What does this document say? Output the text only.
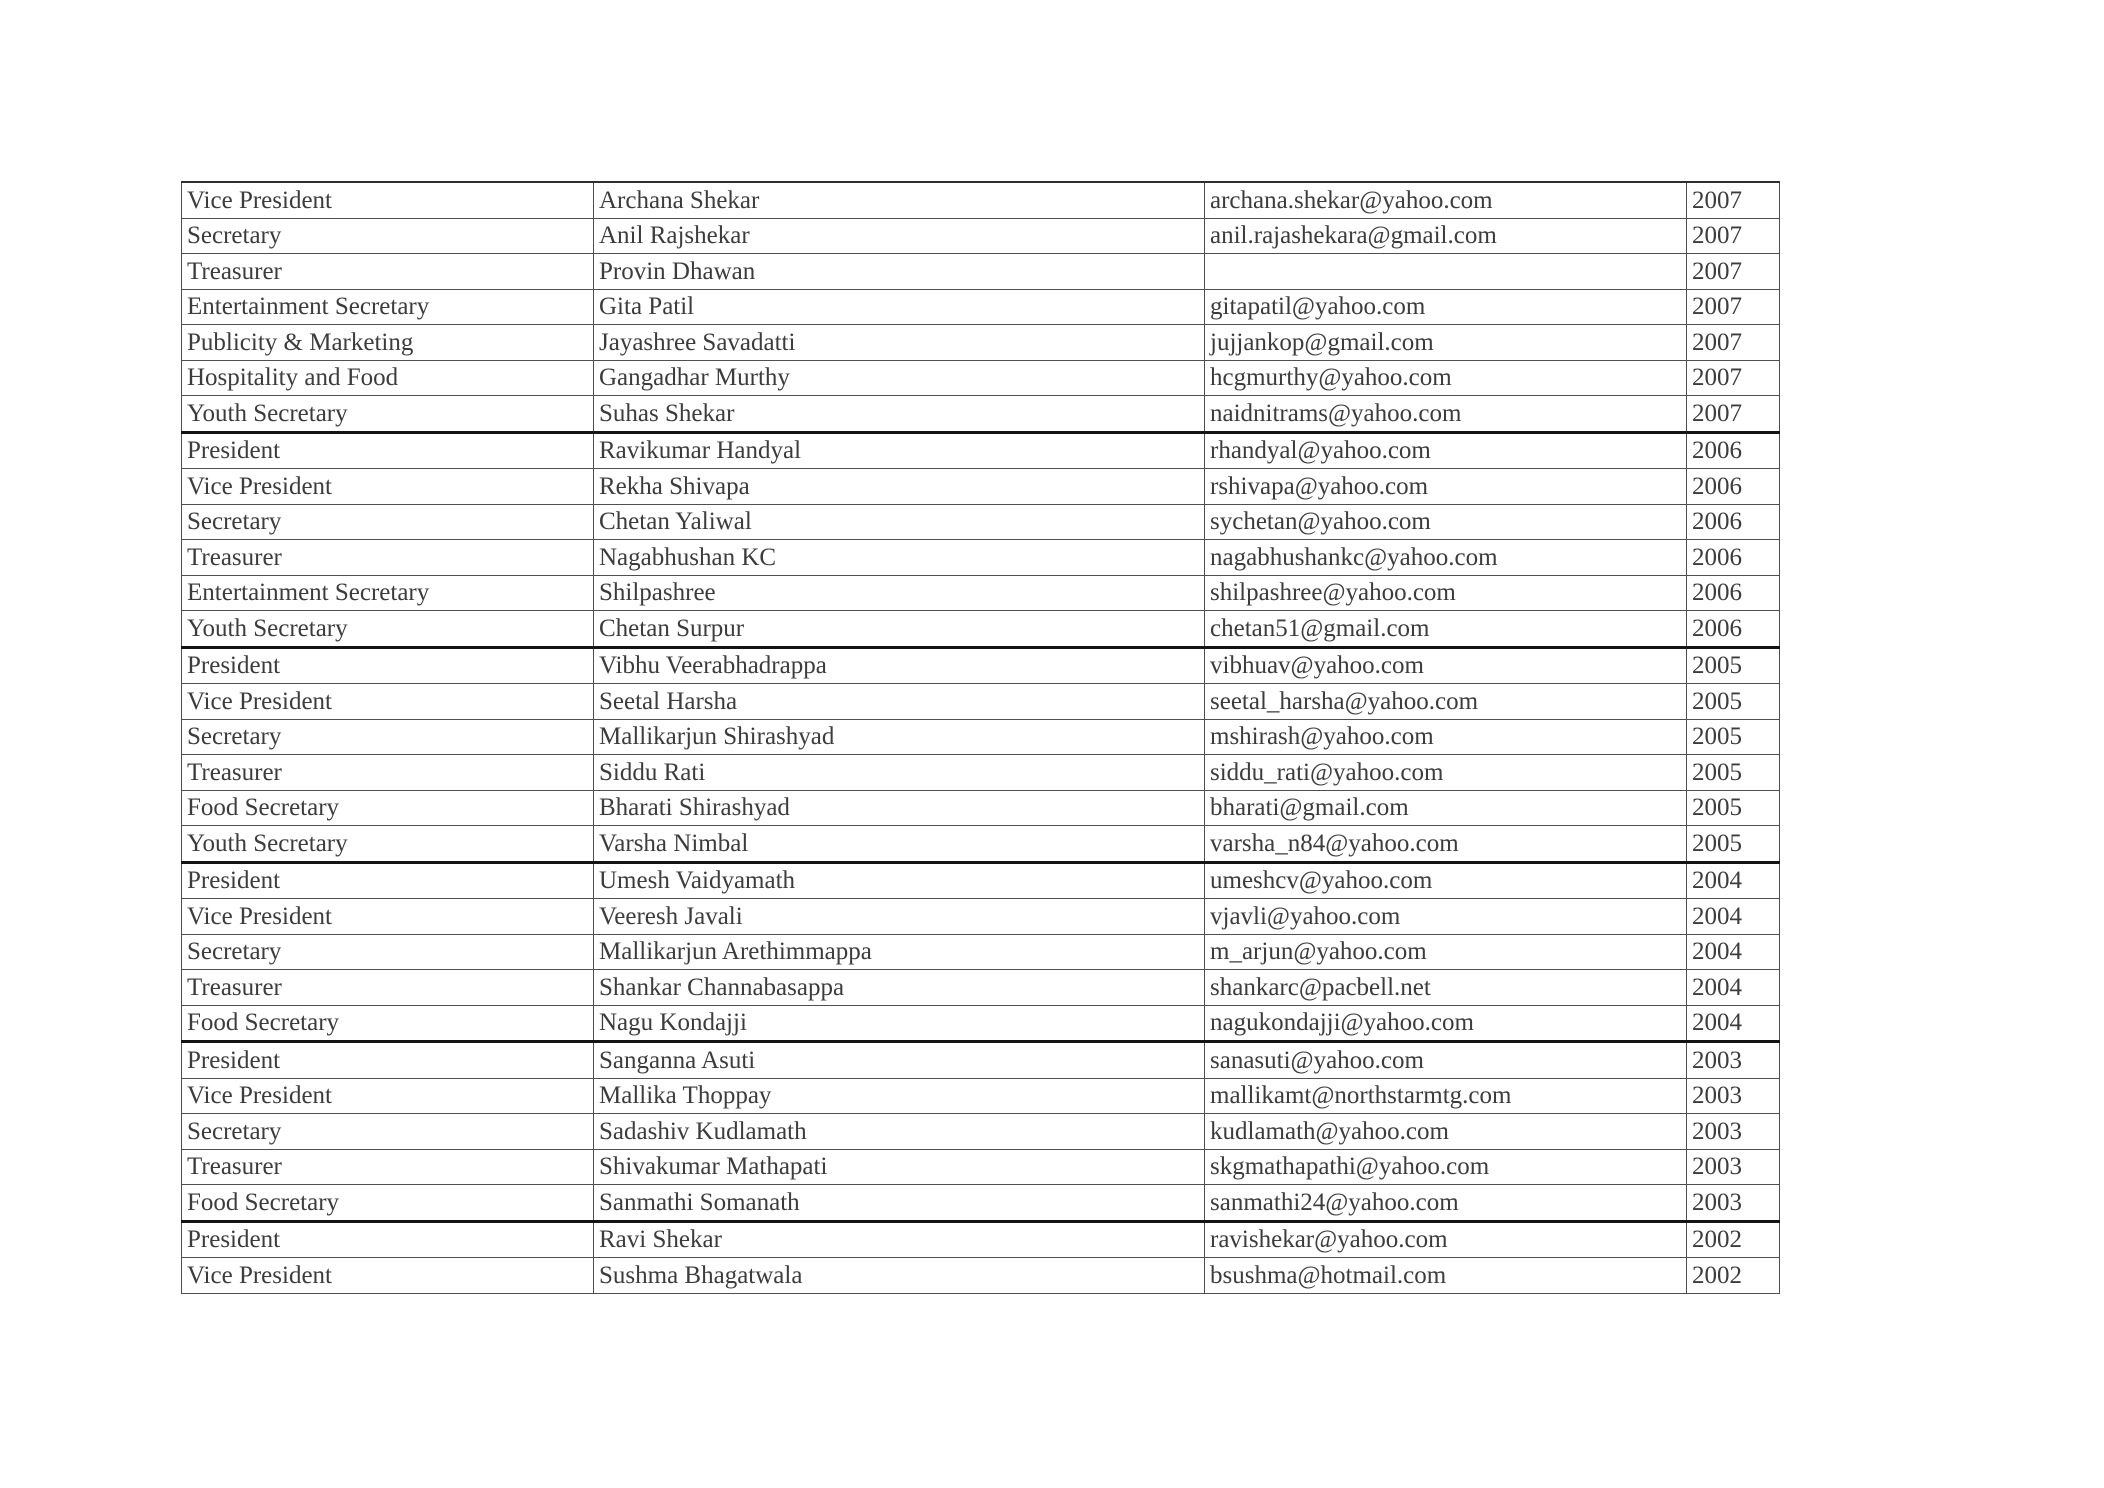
Vice President	Archana Shekar	archana.shekar@yahoo.com	2007
Secretary	Anil Rajshekar	anil.rajashekara@gmail.com	2007
Treasurer	Provin Dhawan		2007
Entertainment Secretary	Gita Patil	gitapatil@yahoo.com	2007
Publicity & Marketing	Jayashree Savadatti	jujjankop@gmail.com	2007
Hospitality and Food	Gangadhar Murthy	hcgmurthy@yahoo.com	2007
Youth Secretary	Suhas Shekar	naidnitrams@yahoo.com	2007
President	Ravikumar Handyal	rhandyal@yahoo.com	2006
Vice President	Rekha Shivapa	rshivapa@yahoo.com	2006
Secretary	Chetan Yaliwal	sychetan@yahoo.com	2006
Treasurer	Nagabhushan KC	nagabhushankc@yahoo.com	2006
Entertainment Secretary	Shilpashree	shilpashree@yahoo.com	2006
Youth Secretary	Chetan Surpur	chetan51@gmail.com	2006
President	Vibhu Veerabhadrappa	vibhuav@yahoo.com	2005
Vice President	Seetal Harsha	seetal_harsha@yahoo.com	2005
Secretary	Mallikarjun Shirashyad	mshirash@yahoo.com	2005
Treasurer	Siddu Rati	siddu_rati@yahoo.com	2005
Food Secretary	Bharati Shirashyad	bharati@gmail.com	2005
Youth Secretary	Varsha Nimbal	varsha_n84@yahoo.com	2005
President	Umesh Vaidyamath	umeshcv@yahoo.com	2004
Vice President	Veeresh Javali	vjavli@yahoo.com	2004
Secretary	Mallikarjun Arethimmappa	m_arjun@yahoo.com	2004
Treasurer	Shankar Channabasappa	shankarc@pacbell.net	2004
Food Secretary	Nagu Kondajji	nagukondajji@yahoo.com	2004
President	Sanganna Asuti	sanasuti@yahoo.com	2003
Vice President	Mallika Thoppay	mallikamt@northstarmtg.com	2003
Secretary	Sadashiv Kudlamath	kudlamath@yahoo.com	2003
Treasurer	Shivakumar Mathapati	skgmathapathi@yahoo.com	2003
Food Secretary	Sanmathi Somanath	sanmathi24@yahoo.com	2003
President	Ravi Shekar	ravishekar@yahoo.com	2002
Vice President	Sushma Bhagatwala	bsushma@hotmail.com	2002
